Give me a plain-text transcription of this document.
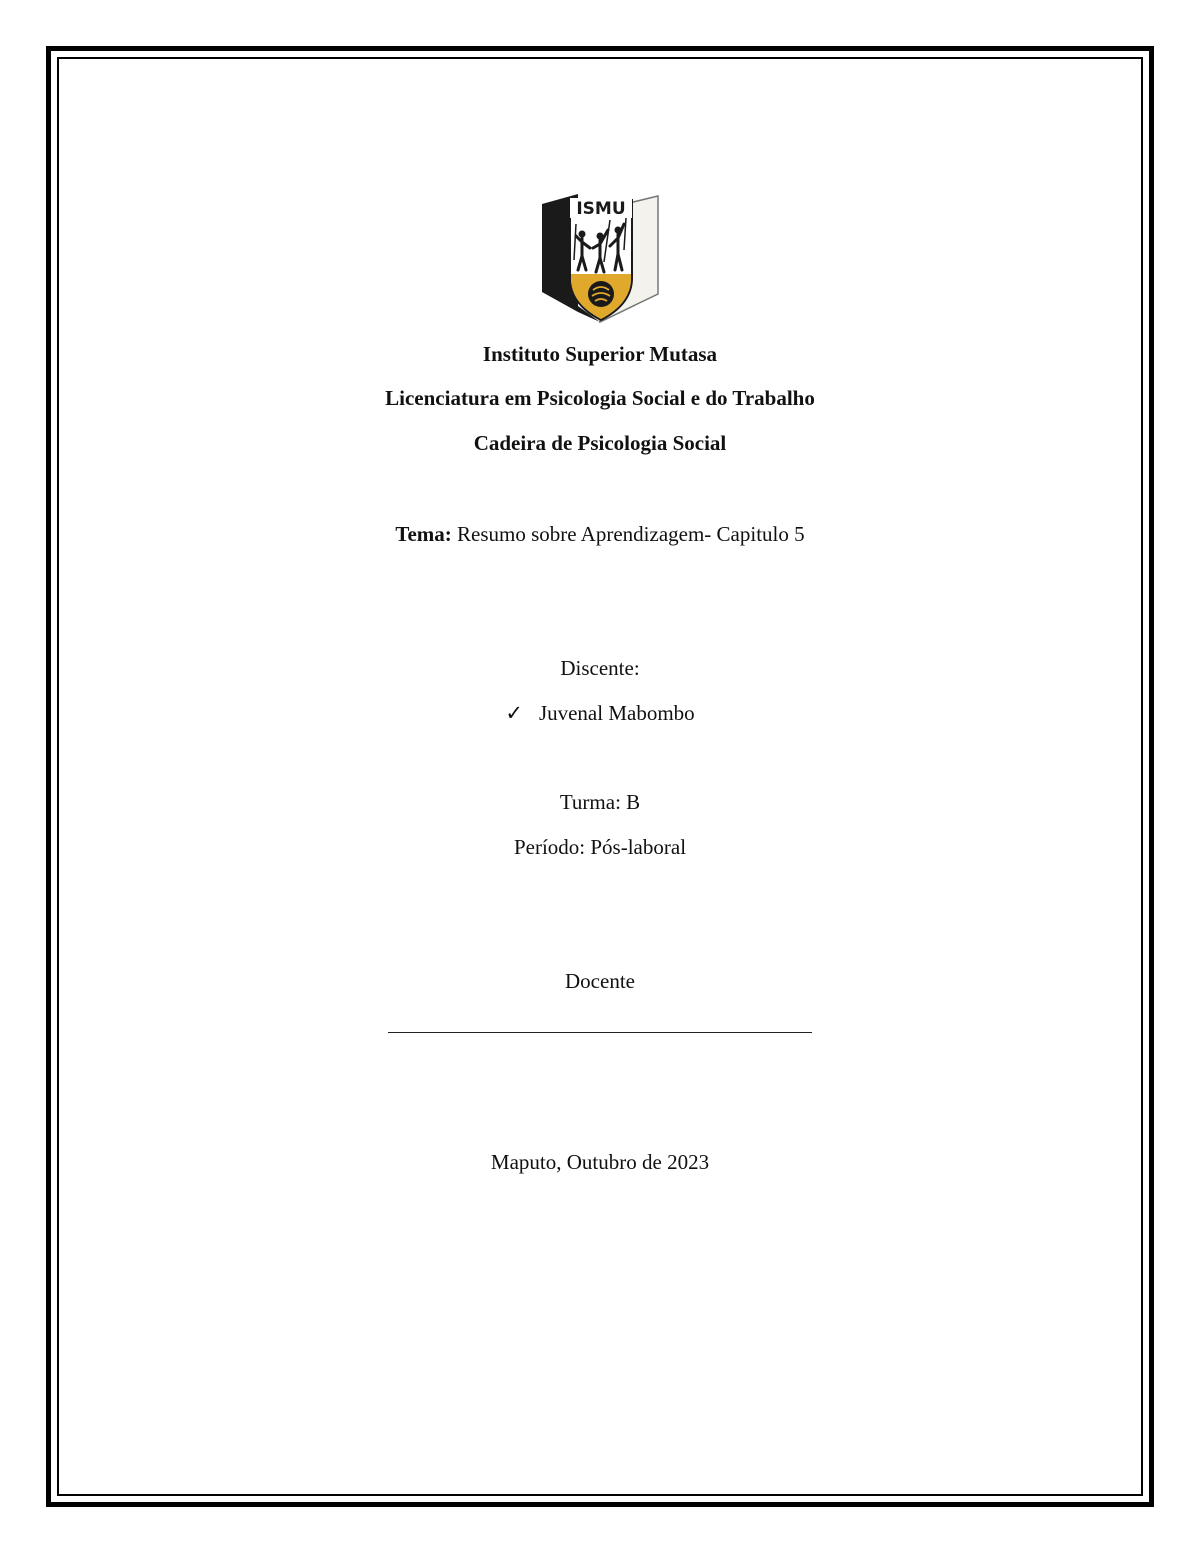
ISMU
Instituto Superior Mutasa
Licenciatura em Psicologia Social e do Trabalho
Cadeira de Psicologia Social
Tema: Resumo sobre Aprendizagem- Capitulo 5
Discente:
✓ Juvenal Mabombo
Turma: B
Período: Pós-laboral
Docente
Maputo, Outubro de 2023
